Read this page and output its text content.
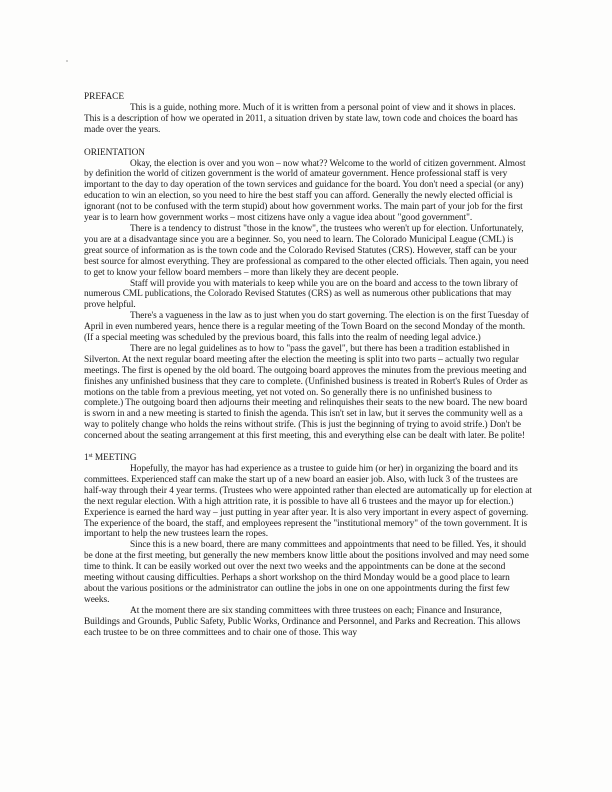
PREFACE

This is a guide, nothing more. Much of it is written from a personal point of view and it shows in places. This is a description of how we operated in 2011, a situation driven by state law, town code and choices the board has made over the years.

ORIENTATION

Okay, the election is over and you won – now what?? Welcome to the world of citizen government. Almost by definition the world of citizen government is the world of amateur government. Hence professional staff is very important to the day to day operation of the town services and guidance for the board. You don't need a special (or any) education to win an election, so you need to hire the best staff you can afford. Generally the newly elected official is ignorant (not to be confused with the term stupid) about how government works. The main part of your job for the first year is to learn how government works – most citizens have only a vague idea about "good government".

There is a tendency to distrust "those in the know", the trustees who weren't up for election. Unfortunately, you are at a disadvantage since you are a beginner. So, you need to learn. The Colorado Municipal League (CML) is great source of information as is the town code and the Colorado Revised Statutes (CRS). However, staff can be your best source for almost everything. They are professional as compared to the other elected officials. Then again, you need to get to know your fellow board members – more than likely they are decent people.

Staff will provide you with materials to keep while you are on the board and access to the town library of numerous CML publications, the Colorado Revised Statutes (CRS) as well as numerous other publications that may prove helpful.

There's a vagueness in the law as to just when you do start governing. The election is on the first Tuesday of April in even numbered years, hence there is a regular meeting of the Town Board on the second Monday of the month. (If a special meeting was scheduled by the previous board, this falls into the realm of needing legal advice.)

There are no legal guidelines as to how to "pass the gavel", but there has been a tradition established in Silverton. At the next regular board meeting after the election the meeting is split into two parts – actually two regular meetings. The first is opened by the old board. The outgoing board approves the minutes from the previous meeting and finishes any unfinished business that they care to complete. (Unfinished business is treated in Robert's Rules of Order as motions on the table from a previous meeting, yet not voted on. So generally there is no unfinished business to complete.) The outgoing board then adjourns their meeting and relinquishes their seats to the new board. The new board is sworn in and a new meeting is started to finish the agenda. This isn't set in law, but it serves the community well as a way to politely change who holds the reins without strife. (This is just the beginning of trying to avoid strife.) Don't be concerned about the seating arrangement at this first meeting, this and everything else can be dealt with later. Be polite!

1st MEETING

Hopefully, the mayor has had experience as a trustee to guide him (or her) in organizing the board and its committees. Experienced staff can make the start up of a new board an easier job. Also, with luck 3 of the trustees are half-way through their 4 year terms. (Trustees who were appointed rather than elected are automatically up for election at the next regular election. With a high attrition rate, it is possible to have all 6 trustees and the mayor up for election.) Experience is earned the hard way – just putting in year after year. It is also very important in every aspect of governing. The experience of the board, the staff, and employees represent the "institutional memory" of the town government. It is important to help the new trustees learn the ropes.

Since this is a new board, there are many committees and appointments that need to be filled. Yes, it should be done at the first meeting, but generally the new members know little about the positions involved and may need some time to think. It can be easily worked out over the next two weeks and the appointments can be done at the second meeting without causing difficulties. Perhaps a short workshop on the third Monday would be a good place to learn about the various positions or the administrator can outline the jobs in one on one appointments during the first few weeks.

At the moment there are six standing committees with three trustees on each; Finance and Insurance, Buildings and Grounds, Public Safety, Public Works, Ordinance and Personnel, and Parks and Recreation. This allows each trustee to be on three committees and to chair one of those. This way
